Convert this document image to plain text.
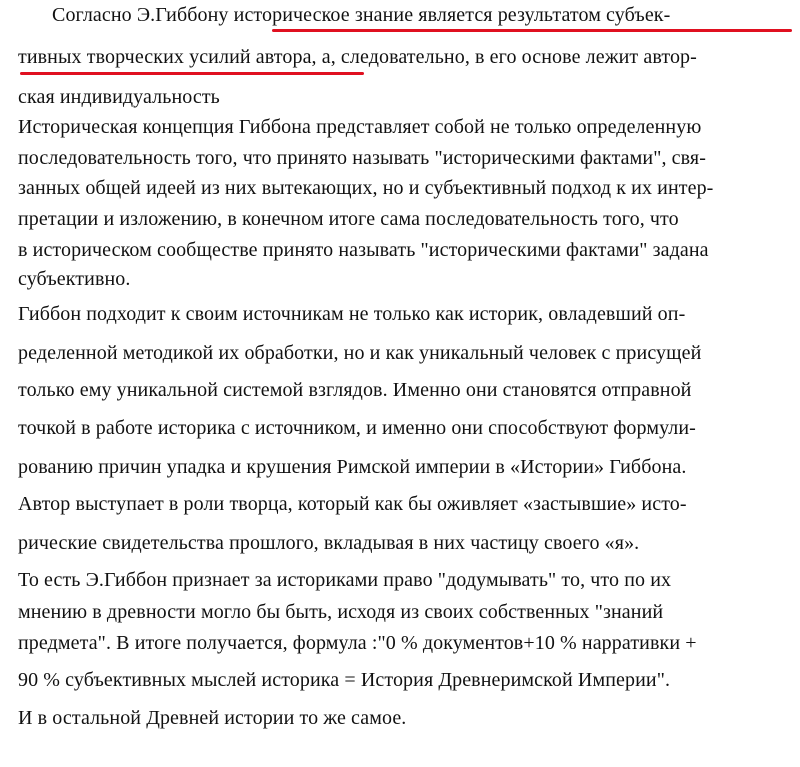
Согласно Э.Гиббону историческое знание является результатом субъек-
тивных творческих усилий автора, а, следовательно, в его основе лежит автор-
ская индивидуальность
Историческая концепция Гиббона представляет собой не только определенную
последовательность того, что принято называть "историческими фактами", свя-
занных общей идеей из них вытекающих, но и субъективный подход к их интер-
претации и изложению, в конечном итоге сама последовательность того, что
в историческом сообществе принято называть "историческими фактами" задана
субъективно.
Гиббон подходит к своим источникам не только как историк, овладевший оп-
ределенной методикой их обработки, но и как уникальный человек с присущей
только ему уникальной системой взглядов. Именно они становятся отправной
точкой в работе историка с источником, и именно они способствуют формули-
рованию причин упадка и крушения Римской империи в «Истории» Гиббона.
Автор выступает в роли творца, который как бы оживляет «застывшие» исто-
рические свидетельства прошлого, вкладывая в них частицу своего «я».
То есть Э.Гиббон признает за историками право "додумывать" то, что по их
мнению в древности могло бы быть, исходя из своих собственных "знаний
предмета". В итоге получается, формула :"0 % документов+10 % нарративки +
90 % субъективных мыслей историка = История Древнеримской Империи".
И в остальной Древней истории то же самое.
